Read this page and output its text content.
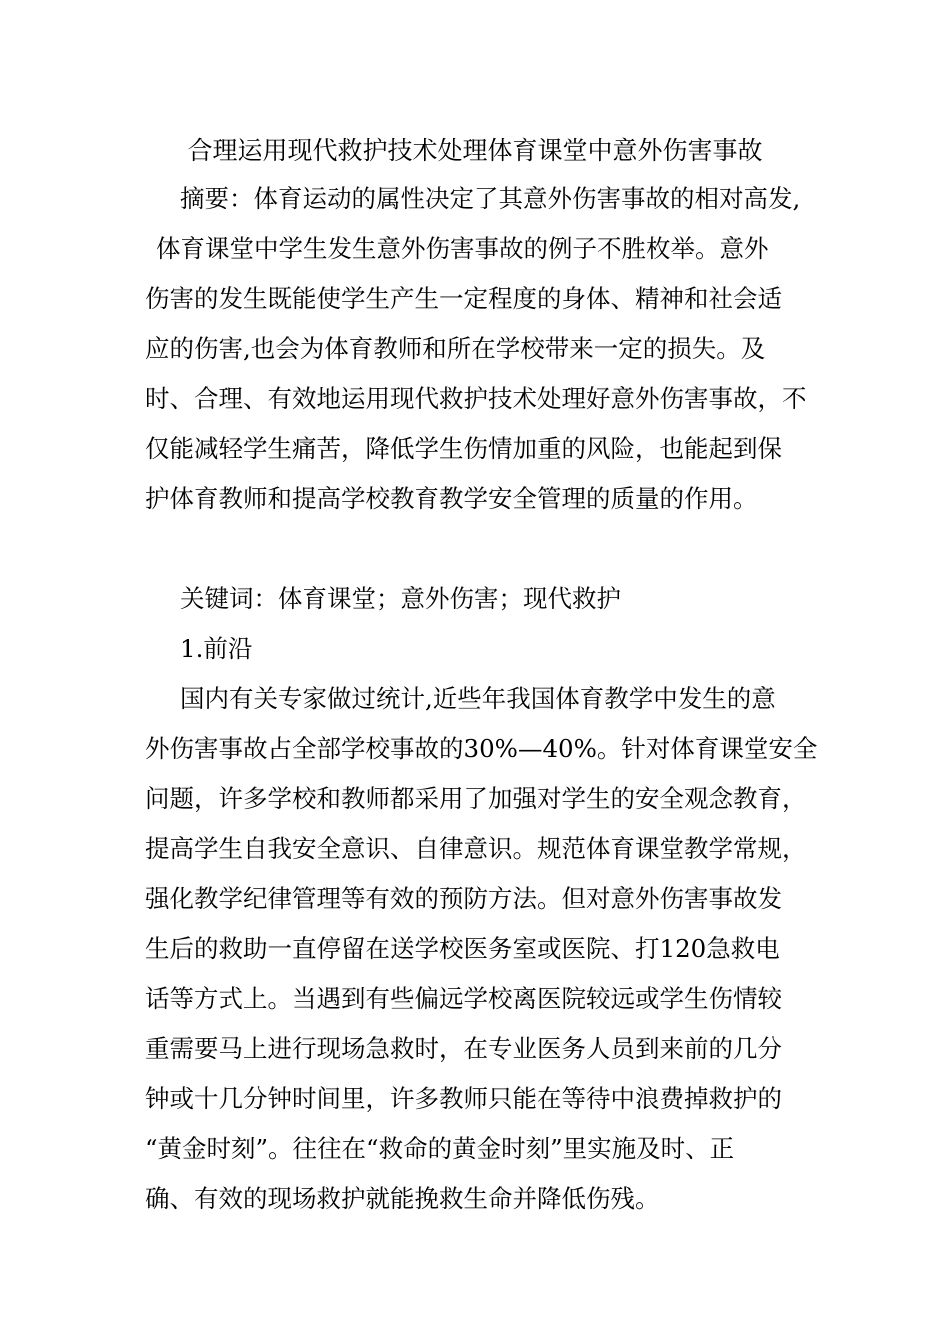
合理运用现代救护技术处理体育课堂中意外伤害事故
摘要：体育运动的属性决定了其意外伤害事故的相对高发,
体育课堂中学生发生意外伤害事故的例子不胜枚举。意外
伤害的发生既能使学生产生一定程度的身体、精神和社会适
应的伤害,也会为体育教师和所在学校带来一定的损失。及
时、合理、有效地运用现代救护技术处理好意外伤害事故，不
仅能减轻学生痛苦，降低学生伤情加重的风险，也能起到保
护体育教师和提高学校教育教学安全管理的质量的作用。
关键词：体育课堂；意外伤害；现代救护
1.前沿
国内有关专家做过统计,近些年我国体育教学中发生的意
外伤害事故占全部学校事故的30%—40%。针对体育课堂安全
问题，许多学校和教师都采用了加强对学生的安全观念教育，
提高学生自我安全意识、自律意识。规范体育课堂教学常规，
强化教学纪律管理等有效的预防方法。但对意外伤害事故发
生后的救助一直停留在送学校医务室或医院、打120急救电
话等方式上。当遇到有些偏远学校离医院较远或学生伤情较
重需要马上进行现场急救时，在专业医务人员到来前的几分
钟或十几分钟时间里，许多教师只能在等待中浪费掉救护的
“黄金时刻”。往往在“救命的黄金时刻”里实施及时、正
确、有效的现场救护就能挽救生命并降低伤残。
